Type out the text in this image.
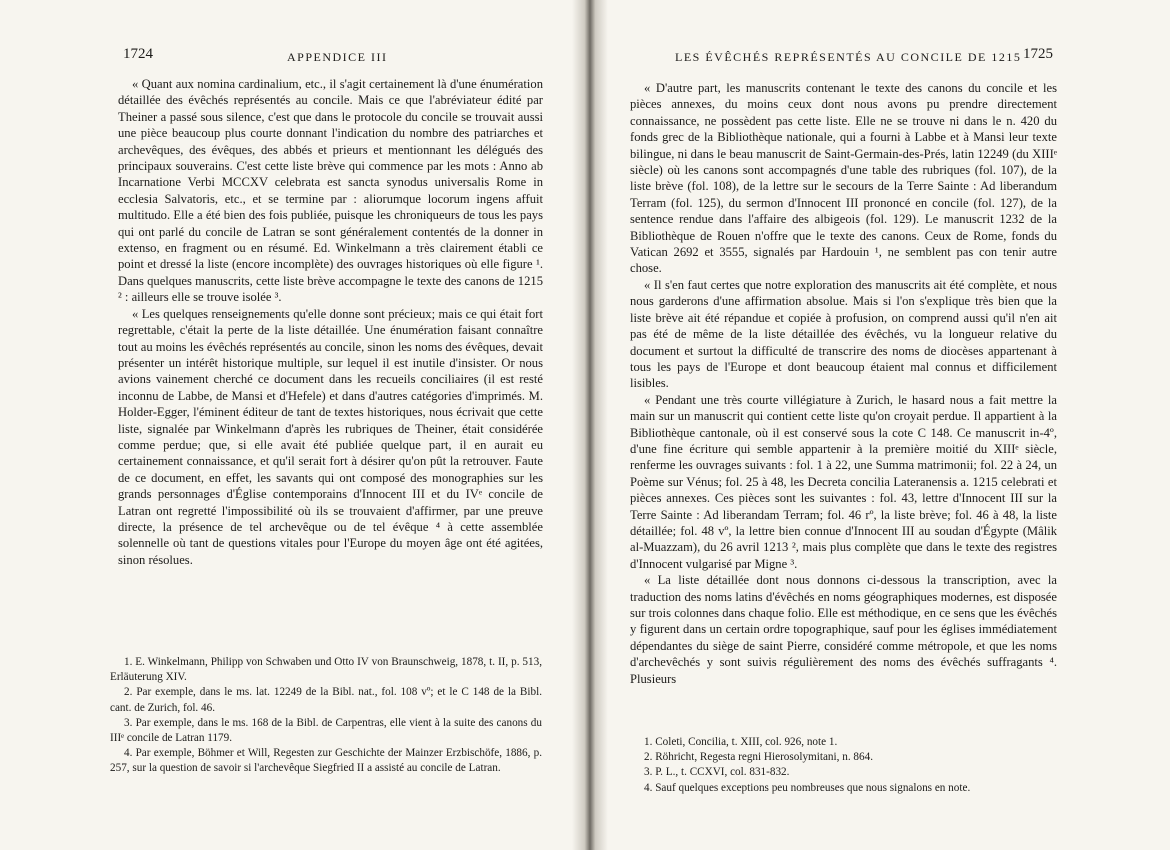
1724	APPENDICE III

« Quant aux nomina cardinalium, etc., il s'agit certainement là d'une énumération détaillée des évêchés représentés au concile. Mais ce que l'abréviateur édité par Theiner a passé sous silence, c'est que dans le protocole du concile se trouvait aussi une pièce beaucoup plus courte donnant l'indication du nombre des patriarches et archevêques, des évêques, des abbés et prieurs et mentionnant les délégués des principaux souverains. C'est cette liste brève qui commence par les mots : Anno ab Incarnatione Verbi MCCXV celebrata est sancta synodus universalis Rome in ecclesia Salvatoris, etc., et se termine par : aliorumque locorum ingens affuit multitudo. Elle a été bien des fois publiée, puisque les chroniqueurs de tous les pays qui ont parlé du concile de Latran se sont généralement contentés de la donner in extenso, en fragment ou en résumé. Ed. Winkelmann a très clairement établi ce point et dressé la liste (encore incomplète) des ouvrages historiques où elle figure ¹. Dans quelques manuscrits, cette liste brève accompagne le texte des canons de 1215 ² : ailleurs elle se trouve isolée ³.

« Les quelques renseignements qu'elle donne sont précieux; mais ce qui était fort regrettable, c'était la perte de la liste détaillée. Une énumération faisant connaître tout au moins les évêchés représentés au concile, sinon les noms des évêques, devait présenter un intérêt historique multiple, sur lequel il est inutile d'insister. Or nous avions vainement cherché ce document dans les recueils conciliaires (il est resté inconnu de Labbe, de Mansi et d'Hefele) et dans d'autres catégories d'imprimés. M. Holder-Egger, l'éminent éditeur de tant de textes historiques, nous écrivait que cette liste, signalée par Winkelmann d'après les rubriques de Theiner, était considérée comme perdue; que, si elle avait été publiée quelque part, il en aurait eu certainement connaissance, et qu'il serait fort à désirer qu'on pût la retrouver. Faute de ce document, en effet, les savants qui ont composé des monographies sur les grands personnages d'Église contemporains d'Innocent III et du IVᵉ concile de Latran ont regretté l'impossibilité où ils se trouvaient d'affirmer, par une preuve directe, la présence de tel archevêque ou de tel évêque ⁴ à cette assemblée solennelle où tant de questions vitales pour l'Europe du moyen âge ont été agitées, sinon résolues.

1. E. Winkelmann, Philipp von Schwaben und Otto IV von Braunschweig, 1878, t. II, p. 513, Erläuterung XIV.

2. Par exemple, dans le ms. lat. 12249 de la Bibl. nat., fol. 108 vº; et le C 148 de la Bibl. cant. de Zurich, fol. 46.

3. Par exemple, dans le ms. 168 de la Bibl. de Carpentras, elle vient à la suite des canons du IIIᵉ concile de Latran 1179.

4. Par exemple, Böhmer et Will, Regesten zur Geschichte der Mainzer Erzbischöfe, 1886, p. 257, sur la question de savoir si l'archevêque Siegfried II a assisté au concile de Latran.

LES ÉVÊCHÉS REPRÉSENTÉS AU CONCILE DE 1215 1725

« D'autre part, les manuscrits contenant le texte des canons du concile et les pièces annexes, du moins ceux dont nous avons pu prendre directement connaissance, ne possèdent pas cette liste. Elle ne se trouve ni dans le n. 420 du fonds grec de la Bibliothèque nationale, qui a fourni à Labbe et à Mansi leur texte bilingue, ni dans le beau manuscrit de Saint-Germain-des-Prés, latin 12249 (du XIIIᵉ siècle) où les canons sont accompagnés d'une table des rubriques (fol. 107), de la liste brève (fol. 108), de la lettre sur le secours de la Terre Sainte : Ad liberandum Terram (fol. 125), du sermon d'Innocent III prononcé en concile (fol. 127), de la sentence rendue dans l'affaire des albigeois (fol. 129). Le manuscrit 1232 de la Bibliothèque de Rouen n'offre que le texte des canons. Ceux de Rome, fonds du Vatican 2692 et 3555, signalés par Hardouin ¹, ne semblent pas con tenir autre chose.

« Il s'en faut certes que notre exploration des manuscrits ait été complète, et nous nous garderons d'une affirmation absolue. Mais si l'on s'explique très bien que la liste brève ait été répandue et copiée à profusion, on comprend aussi qu'il n'en ait pas été de même de la liste détaillée des évêchés, vu la longueur relative du document et surtout la difficulté de transcrire des noms de diocèses appartenant à tous les pays de l'Europe et dont beaucoup étaient mal connus et difficilement lisibles.

« Pendant une très courte villégiature à Zurich, le hasard nous a fait mettre la main sur un manuscrit qui contient cette liste qu'on croyait perdue. Il appartient à la Bibliothèque cantonale, où il est conservé sous la cote C 148. Ce manuscrit in-4º, d'une fine écriture qui semble appartenir à la première moitié du XIIIᵉ siècle, renferme les ouvrages suivants : fol. 1 à 22, une Summa matrimonii; fol. 22 à 24, un Poème sur Vénus; fol. 25 à 48, les Decreta concilia Lateranensis a. 1215 celebrati et pièces annexes. Ces pièces sont les suivantes : fol. 43, lettre d'Innocent III sur la Terre Sainte : Ad liberandam Terram; fol. 46 rº, la liste brève; fol. 46 à 48, la liste détaillée; fol. 48 vº, la lettre bien connue d'Innocent III au soudan d'Égypte (Mâlik al-Muazzam), du 26 avril 1213 ², mais plus complète que dans le texte des registres d'Innocent vulgarisé par Migne ³.

« La liste détaillée dont nous donnons ci-dessous la transcription, avec la traduction des noms latins d'évêchés en noms géographiques modernes, est disposée sur trois colonnes dans chaque folio. Elle est méthodique, en ce sens que les évêchés y figurent dans un certain ordre topographique, sauf pour les églises immédiatement dépendantes du siège de saint Pierre, considéré comme métropole, et que les noms d'archevêchés y sont suivis régulièrement des noms des évêchés suffragants ⁴. Plusieurs

1. Coleti, Concilia, t. XIII, col. 926, note 1.

2. Röhricht, Regesta regni Hierosolymitani, n. 864.

3. P. L., t. CCXVI, col. 831-832.

4. Sauf quelques exceptions peu nombreuses que nous signalons en note.
